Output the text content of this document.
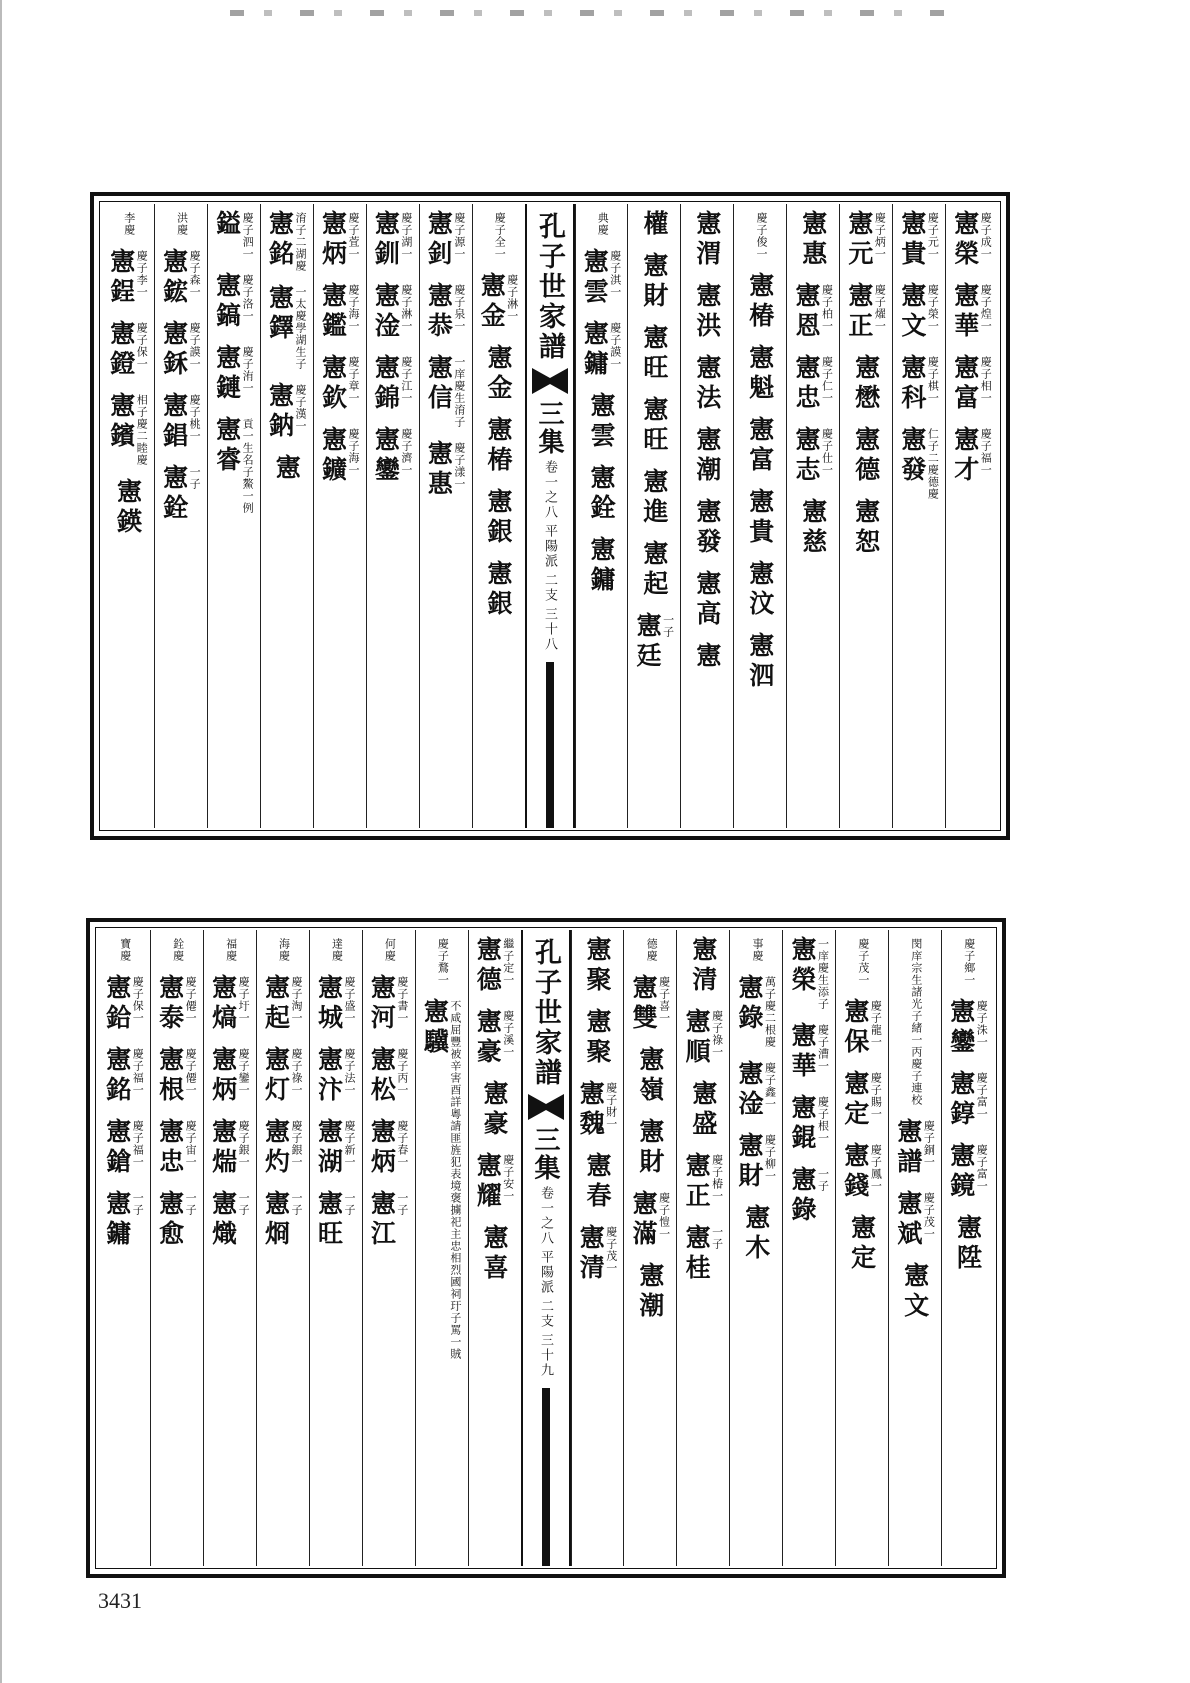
憲榮 慶子成一
憲華 慶子煌一
憲富 慶子相一
憲才 慶子福一
憲貴 慶子元一
憲文 慶子榮一
憲科 慶子棋一
憲發 仁子二慶德慶
憲元 慶子炳一
憲正 慶子燿一
憲懋
憲德
憲恕
憲惠
憲恩 慶子柏一
憲忠 慶子仁一
憲志 慶子仕一
憲慈
慶子俊一
憲椿
憲魁
憲富
憲貴
憲汶
憲泗
憲渭
憲洪
憲法
憲潮
憲發
憲高
憲
權
憲財
憲旺
憲旺
憲進
憲起
憲廷 一子
典慶
憲雲 慶子淇一
憲鏞 慶子謨一
憲雲
憲銓
憲鏞
孔子世家譜
三集
卷一之八
平陽派
二支
三十八
慶子全一
憲金 慶子淋一
憲金
憲椿
憲銀
憲銀
憲釗 慶子源一
憲恭 慶子泉一
憲信 一庠慶生淯子
憲惠 慶子漾一
憲釧 慶子湖一
憲淦 慶子淋一
憲錦 慶子江一
憲鑾 慶子濟一
憲炳 慶子萓一
憲鑑 慶子海一
憲欽 慶子章一
憲鑛 慶子海一
憲銘 淯子二湖慶
憲鐸 一太慶學湖生子
憲鈉 慶子漢一
憲
鎰 慶子泗一
憲鎬 慶子洛一
憲鏈 慶子洧一
憲睿 貢一生名子鰲一例
洪慶
憲鋐 慶子森一
憲鉌 慶子謨一
憲錩 慶子桃一
憲銓 一子
李慶
憲鋥 慶子李一
憲鐙 慶子保一
憲鑌 相子慶二睦慶
憲鍈
慶子鄉一
憲鑾 慶子洙一
憲錞 慶子富一
憲鏡 慶子富一
憲陞
閔庠宗生諸光子緒一丙慶子連校
憲譜 慶子銅一
憲斌 慶子茂一
憲文
慶子茂一
憲保 慶子龍一
憲定 慶子賜一
憲錢 慶子鳳一
憲定
憲榮 一庠慶生添子
憲華 慶子漕一
憲錕 慶子根一
憲錄 一子
事慶
憲錄 萬子慶二根慶
憲淦 慶子鑫一
憲財 慶子柳一
憲木
憲清
憲順 慶子祿一
憲盛
憲正 慶子椿一
憲桂 一子
德慶
憲雙 慶子喜一
憲嶺
憲財
憲滿 慶子愷一
憲潮
憲聚
憲聚
憲魏 慶子財一
憲春
憲清 慶子茂一
孔子世家譜
三集
卷一之八
平陽派
二支
三十九
憲德 繼子定一
憲豪 慶子溪一
憲豪
憲耀 慶子安一
憲喜
慶子鶩一
憲驥 不咸屈豐被辛害酉詳粵請匪旌犯表境褒擄祀主忠相烈國祠玗子罵一賊
何慶
憲河 慶子書一
憲松 慶子丙一
憲炳 慶子春一
憲江 一子
達慶
憲城 慶子盛一
憲汴 慶子法一
憲湖 慶子新一
憲旺 一子
海慶
憲起 慶子淘一
憲灯 慶子祿一
憲灼 慶子銀一
憲烱 一子
福慶
憲熇 慶子圩一
憲炳 慶子鑾一
憲煓 慶子銀一
憲熾 一子
銓慶
憲泰 慶子僊一
憲根 慶子僊一
憲忠 慶子宙一
憲愈 一子
寶慶
憲鉿 慶子保一
憲銘 慶子福一
憲鎗 慶子福一
憲鏞 一子
3431
